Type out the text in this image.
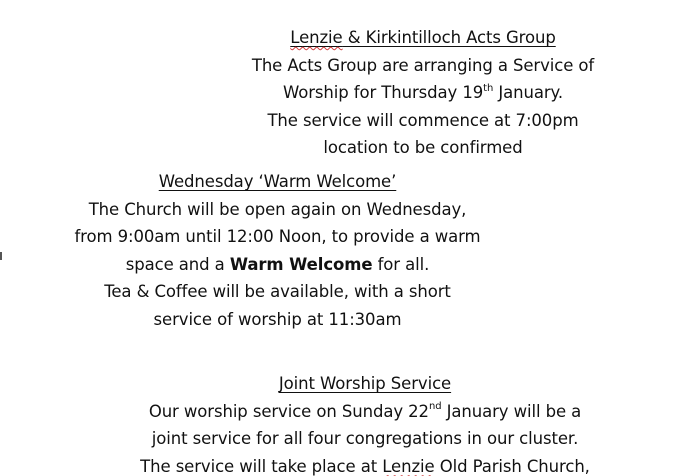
Lenzie & Kirkintilloch Acts Group
The Acts Group are arranging a Service of
Worship for Thursday 19th January.
The service will commence at 7:00pm
location to be confirmed
Wednesday ‘Warm Welcome’
The Church will be open again on Wednesday,
from 9:00am until 12:00 Noon, to provide a warm
space and a Warm Welcome for all.
Tea & Coffee will be available, with a short
service of worship at 11:30am
Joint Worship Service
Our worship service on Sunday 22nd January will be a
joint service for all four congregations in our cluster.
The service will take place at Lenzie Old Parish Church,
